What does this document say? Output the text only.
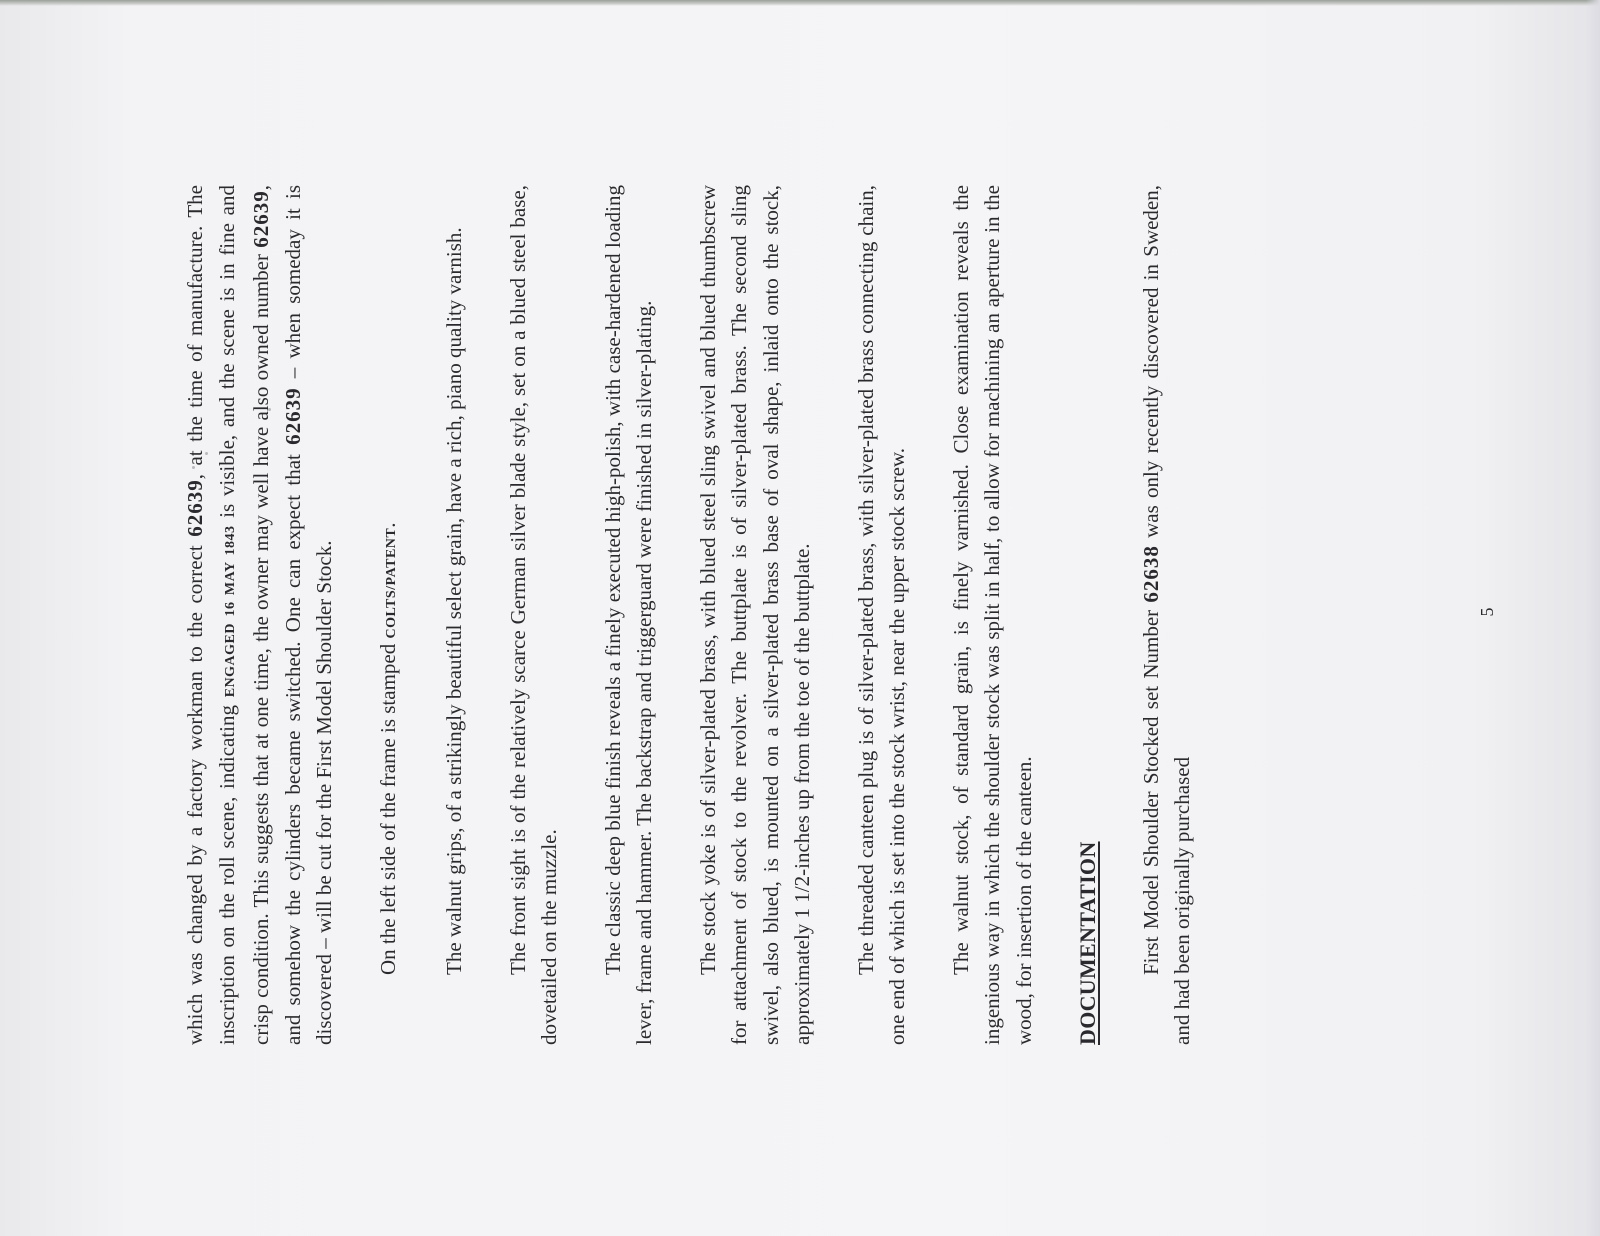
which was changed by a factory workman to the correct 62639, at the time of manufacture. The inscription on the roll scene, indicating ENGAGED 16 MAY 1843 is visible, and the scene is in fine and crisp condition. This suggests that at one time, the owner may well have also owned number 62639, and somehow the cylinders became switched. One can expect that 62639 – when someday it is discovered – will be cut for the First Model Shoulder Stock. On the left side of the frame is stamped COLTS/PATENT.	The walnut grips, of a strikingly beautiful select grain, have a rich, piano quality varnish. The front sight is of the relatively scarce German silver blade style, set on a blued steel base, dovetailed on the muzzle. The classic deep blue finish reveals a finely executed high-polish, with case-hardened loading lever, frame and hammer. The backstrap and triggerguard were finished in silver-plating. The stock yoke is of silver-plated brass, with blued steel sling swivel and blued thumbscrew for attachment of stock to the revolver. The buttplate is of silver-plated brass. The second sling swivel, also blued, is mounted on a silver-plated brass base of oval shape, inlaid onto the stock, approximately 1 1/2-inches up from the toe of the buttplate. The threaded canteen plug is of silver-plated brass, with silver-plated brass connecting chain, one end of which is set into the stock wrist, near the upper stock screw. The walnut stock, of standard grain, is finely varnished. Close examination reveals the ingenious way in which the shoulder stock was split in half, to allow for machining an aperture in the wood, for insertion of the canteen. DOCUMENTATION First Model Shoulder Stocked set Number 62638 was only recently discovered in Sweden, and had been originally purchased

5
